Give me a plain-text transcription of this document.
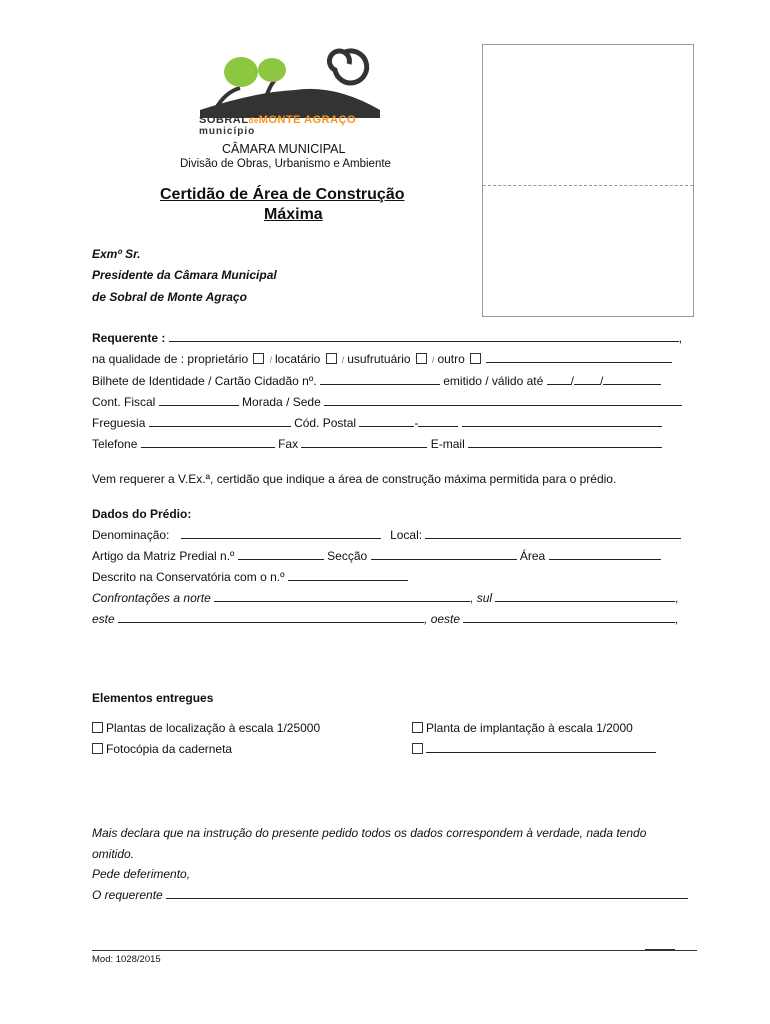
SOBRALdeMONTE AGRAÇO
município
CÂMARA MUNICIPAL
Divisão de Obras, Urbanismo e Ambiente
Certidão de Área de Construção
Máxima
Exmº Sr.
Presidente da Câmara Municipal
de Sobral de Monte Agraço
Requerente :	,
na qualidade de : proprietário / locatário / usufrutuário / outro
Bilhete de Identidade / Cartão Cidadão nº.	emitido / válido até / /
Cont. Fiscal	Morada / Sede
Freguesia	Cód. Postal	-
Telefone	Fax	E-mail
Vem requerer a V.Ex.ª, certidão que indique a área de construção máxima permitida para o prédio.
Dados do Prédio:
Denominação:	Local:
Artigo da Matriz Predial n.º	Secção	Área
Descrito na Conservatória com o n.º
Confrontações a norte	, sul	,
este	, oeste	,
Elementos entregues
Plantas de localização à escala 1/25000	Planta de implantação à escala 1/2000
Fotocópia da caderneta
Mais declara que na instrução do presente pedido todos os dados correspondem à verdade, nada tendo
omitido.
Pede deferimento,
O requerente
Mod: 1028/2015
